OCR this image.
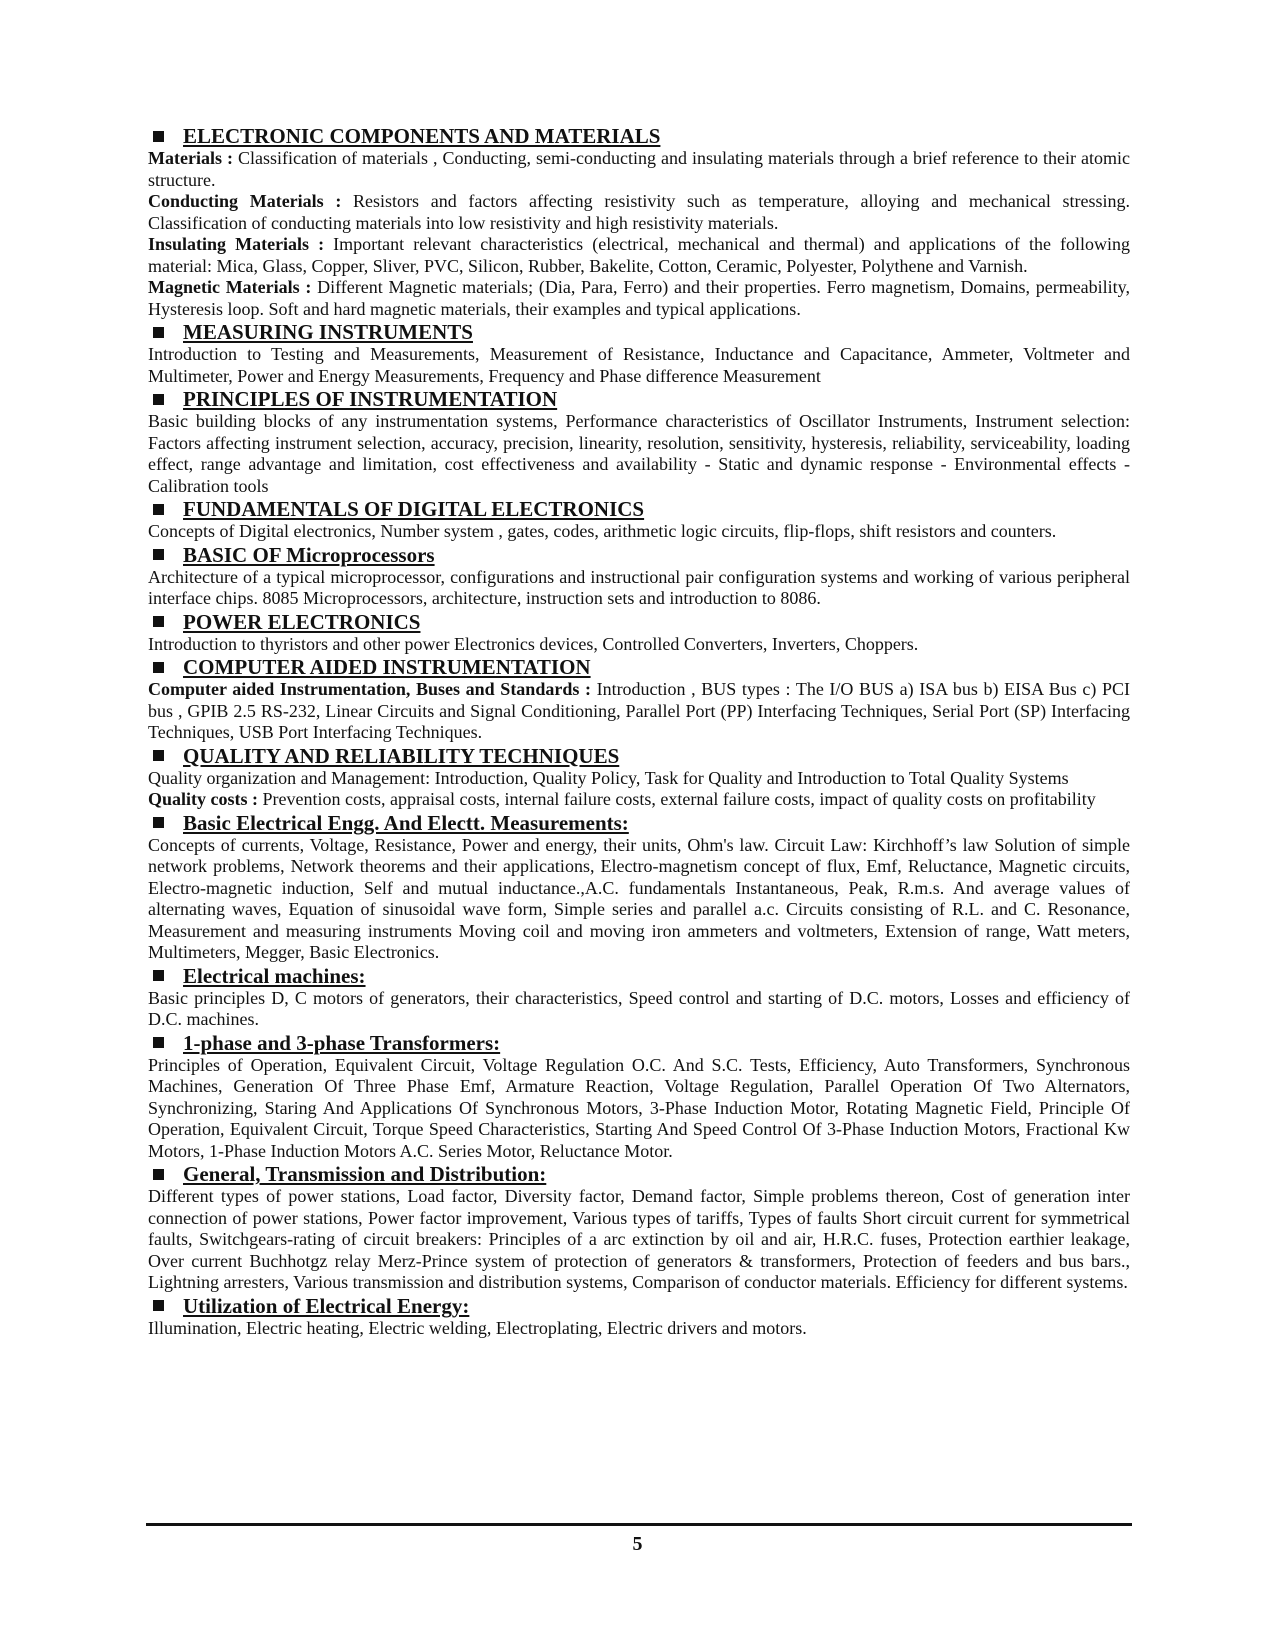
ELECTRONIC COMPONENTS AND MATERIALS

Materials : Classification of materials , Conducting, semi-conducting and insulating materials through a brief reference to their atomic structure.

Conducting Materials : Resistors and factors affecting resistivity such as temperature, alloying and mechanical stressing. Classification of conducting materials into low resistivity and high resistivity materials.

Insulating Materials : Important relevant characteristics (electrical, mechanical and thermal) and applications of the following material: Mica, Glass, Copper, Sliver, PVC, Silicon, Rubber, Bakelite, Cotton, Ceramic, Polyester, Polythene and Varnish.

Magnetic Materials : Different Magnetic materials; (Dia, Para, Ferro) and their properties. Ferro magnetism, Domains, permeability, Hysteresis loop. Soft and hard magnetic materials, their examples and typical applications.

MEASURING INSTRUMENTS

Introduction to Testing and Measurements, Measurement of Resistance, Inductance and Capacitance, Ammeter, Voltmeter and Multimeter, Power and Energy Measurements, Frequency and Phase difference Measurement

PRINCIPLES OF INSTRUMENTATION

Basic building blocks of any instrumentation systems, Performance characteristics of Oscillator Instruments, Instrument selection: Factors affecting instrument selection, accuracy, precision, linearity, resolution, sensitivity, hysteresis, reliability, serviceability, loading effect, range advantage and limitation, cost effectiveness and availability - Static and dynamic response - Environmental effects - Calibration tools

FUNDAMENTALS OF DIGITAL ELECTRONICS

Concepts of Digital electronics, Number system , gates, codes, arithmetic logic circuits, flip-flops, shift resistors and counters.

BASIC OF Microprocessors

Architecture of a typical microprocessor, configurations and instructional pair configuration systems and working of various peripheral interface chips. 8085 Microprocessors, architecture, instruction sets and introduction to 8086.

POWER ELECTRONICS

Introduction to thyristors and other power Electronics devices, Controlled Converters, Inverters, Choppers.

COMPUTER AIDED INSTRUMENTATION

Computer aided Instrumentation, Buses and Standards : Introduction , BUS types : The I/O BUS a) ISA bus b) EISA Bus c) PCI bus , GPIB 2.5 RS-232, Linear Circuits and Signal Conditioning, Parallel Port (PP) Interfacing Techniques, Serial Port (SP) Interfacing Techniques, USB Port Interfacing Techniques.

QUALITY AND RELIABILITY TECHNIQUES

Quality organization and Management: Introduction, Quality Policy, Task for Quality and Introduction to Total Quality Systems

Quality costs : Prevention costs, appraisal costs, internal failure costs, external failure costs, impact of quality costs on profitability

Basic Electrical Engg. And Electt. Measurements:

Concepts of currents, Voltage, Resistance, Power and energy, their units, Ohm's law. Circuit Law: Kirchhoff’s law Solution of simple network problems, Network theorems and their applications, Electro-magnetism concept of flux, Emf, Reluctance, Magnetic circuits, Electro-magnetic induction, Self and mutual inductance.,A.C. fundamentals Instantaneous, Peak, R.m.s. And average values of alternating waves, Equation of sinusoidal wave form, Simple series and parallel a.c. Circuits consisting of R.L. and C. Resonance, Measurement and measuring instruments Moving coil and moving iron ammeters and voltmeters, Extension of range, Watt meters, Multimeters, Megger, Basic Electronics.

Electrical machines:

Basic principles D, C motors of generators, their characteristics, Speed control and starting of D.C. motors, Losses and efficiency of D.C. machines.

1-phase and 3-phase Transformers:

Principles of Operation, Equivalent Circuit, Voltage Regulation O.C. And S.C. Tests, Efficiency, Auto Transformers, Synchronous Machines, Generation Of Three Phase Emf, Armature Reaction, Voltage Regulation, Parallel Operation Of Two Alternators, Synchronizing, Staring And Applications Of Synchronous Motors, 3-Phase Induction Motor, Rotating Magnetic Field, Principle Of Operation, Equivalent Circuit, Torque Speed Characteristics, Starting And Speed Control Of 3-Phase Induction Motors, Fractional Kw Motors, 1-Phase Induction Motors A.C. Series Motor, Reluctance Motor.

General, Transmission and Distribution:

Different types of power stations, Load factor, Diversity factor, Demand factor, Simple problems thereon, Cost of generation inter connection of power stations, Power factor improvement, Various types of tariffs, Types of faults Short circuit current for symmetrical faults, Switchgears-rating of circuit breakers: Principles of a arc extinction by oil and air, H.R.C. fuses, Protection earthier leakage, Over current Buchhotgz relay Merz-Prince system of protection of generators & transformers, Protection of feeders and bus bars., Lightning arresters, Various transmission and distribution systems, Comparison of conductor materials. Efficiency for different systems.

Utilization of Electrical Energy:

Illumination, Electric heating, Electric welding, Electroplating, Electric drivers and motors.

5
